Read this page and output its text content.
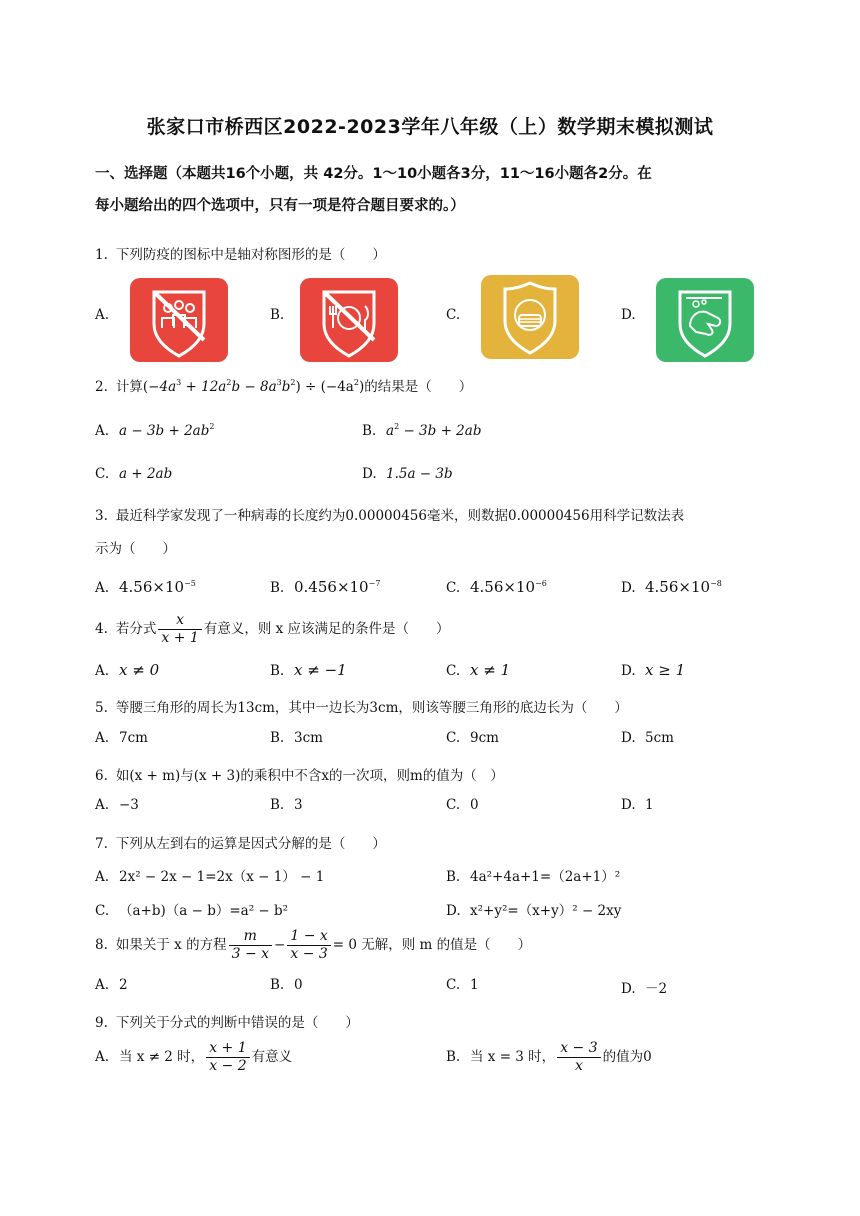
张家口市桥西区2022-2023学年八年级（上）数学期末模拟测试
一、选择题（本题共16个小题，共 42分。1～10小题各3分，11～16小题各2分。在
每小题给出的四个选项中，只有一项是符合题目要求的。）
1. 下列防疫的图标中是轴对称图形的是（　　）
A.	B.	C.	D.
2. 计算$(-4a^3 + 12a^2b - 8a^3b^2) \div (-4a^2)$的结果是（　　）
A. $a - 3b + 2ab^2$	B. $a^2 - 3b + 2ab$
C. a + 2ab	D. 1.5a − 3b
3. 最近科学家发现了一种病毒的长度约为0.00000456毫米，则数据0.00000456用科学记数法表
示为（　　）
A. $4.56\times 10^{-5}$	B. $0.456\times 10^{-7}$	C. $4.56\times 10^{-6}$	D. $4.56\times 10^{-8}$
4. 若分式 $\frac{x}{x + 1}$ 有意义，则 x 应该满足的条件是（　　）
A. x ≠ 0	B. x ≠ −1	C. x ≠ 1	D. x ≥ 1
5. 等腰三角形的周长为13cm，其中一边长为3cm，则该等腰三角形的底边长为（　　）
A. 7cm	B. 3cm	C. 9cm	D. 5cm
6. 如(x + m)与(x + 3)的乘积中不含x的一次项，则m的值为（　）
A. −3	B. 3	C. 0	D. 1
7. 下列从左到右的运算是因式分解的是（　　）
A. 2x² − 2x − 1=2x（x − 1） − 1	B. 4a²+4a+1=（2a+1）²
C. （a+b)（a − b）=a² − b²	D. x²+y²=（x+y）² − 2xy
8. 如果关于 x 的方程 $\frac{m}{3 - x} - \frac{1 - x}{x - 3} = 0$ 无解，则 m 的值是（　　）
A. 2	B. 0	C. 1	D. －2
9. 下列关于分式的判断中错误的是（　　）
A. 当 x ≠ 2 时， $\frac{x + 1}{x - 2}$ 有意义	B. 当 x = 3 时， $\frac{x - 3}{x}$ 的值为0
